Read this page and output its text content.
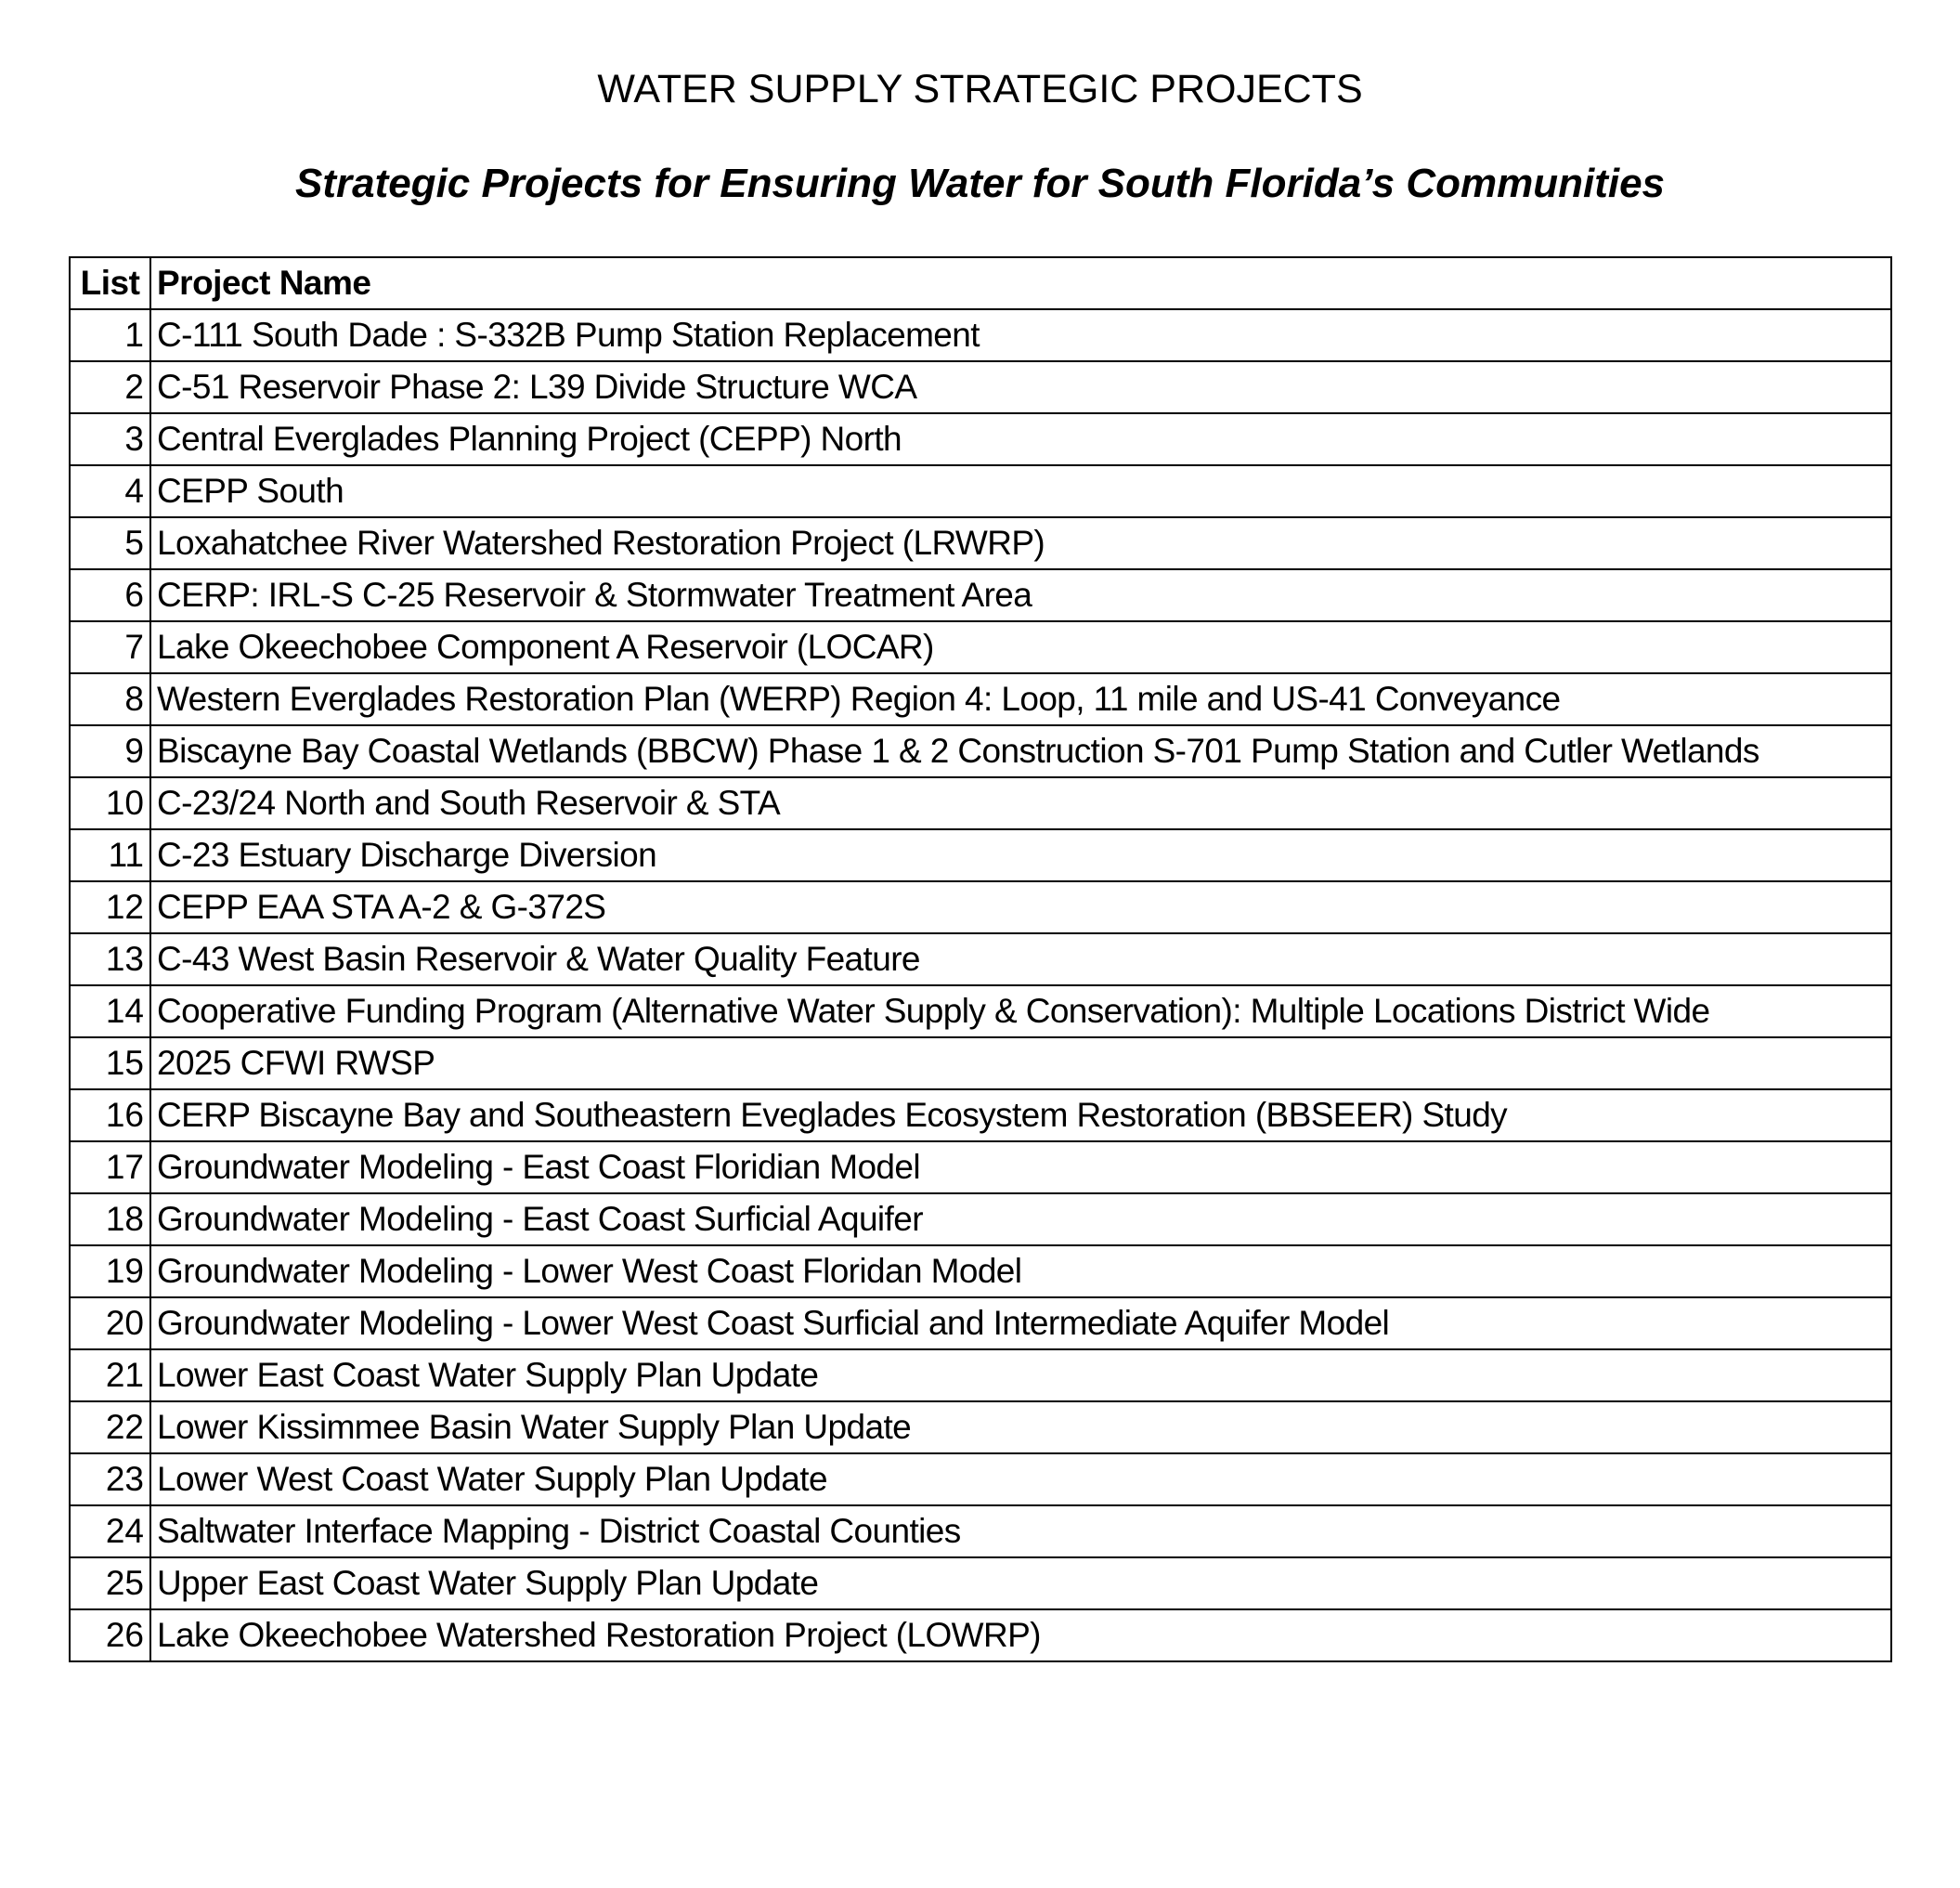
WATER SUPPLY STRATEGIC PROJECTS
Strategic Projects for Ensuring Water for South Florida’s Communities
List	Project Name
1	C-111 South Dade : S-332B Pump Station Replacement
2	C-51 Reservoir Phase 2: L39 Divide Structure WCA
3	Central Everglades Planning Project (CEPP) North
4	CEPP South
5	Loxahatchee River Watershed Restoration Project (LRWRP)
6	CERP: IRL-S C-25 Reservoir & Stormwater Treatment Area
7	Lake Okeechobee Component A Reservoir (LOCAR)
8	Western Everglades Restoration Plan (WERP) Region 4: Loop, 11 mile and US-41 Conveyance
9	Biscayne Bay Coastal Wetlands (BBCW) Phase 1 & 2 Construction S-701 Pump Station and Cutler Wetlands
10	C-23/24 North and South Reservoir & STA
11	C-23 Estuary Discharge Diversion
12	CEPP EAA STA A-2 & G-372S
13	C-43 West Basin Reservoir & Water Quality Feature
14	Cooperative Funding Program (Alternative Water Supply & Conservation): Multiple Locations District Wide
15	2025 CFWI RWSP
16	CERP Biscayne Bay and Southeastern Eveglades Ecosystem Restoration (BBSEER) Study
17	Groundwater Modeling - East Coast Floridian Model
18	Groundwater Modeling - East Coast Surficial Aquifer
19	Groundwater Modeling - Lower West Coast Floridan Model
20	Groundwater Modeling - Lower West Coast Surficial and Intermediate Aquifer Model
21	Lower East Coast Water Supply Plan Update
22	Lower Kissimmee Basin Water Supply Plan Update
23	Lower West Coast Water Supply Plan Update
24	Saltwater Interface Mapping - District Coastal Counties
25	Upper East Coast Water Supply Plan Update
26	Lake Okeechobee Watershed Restoration Project (LOWRP)
